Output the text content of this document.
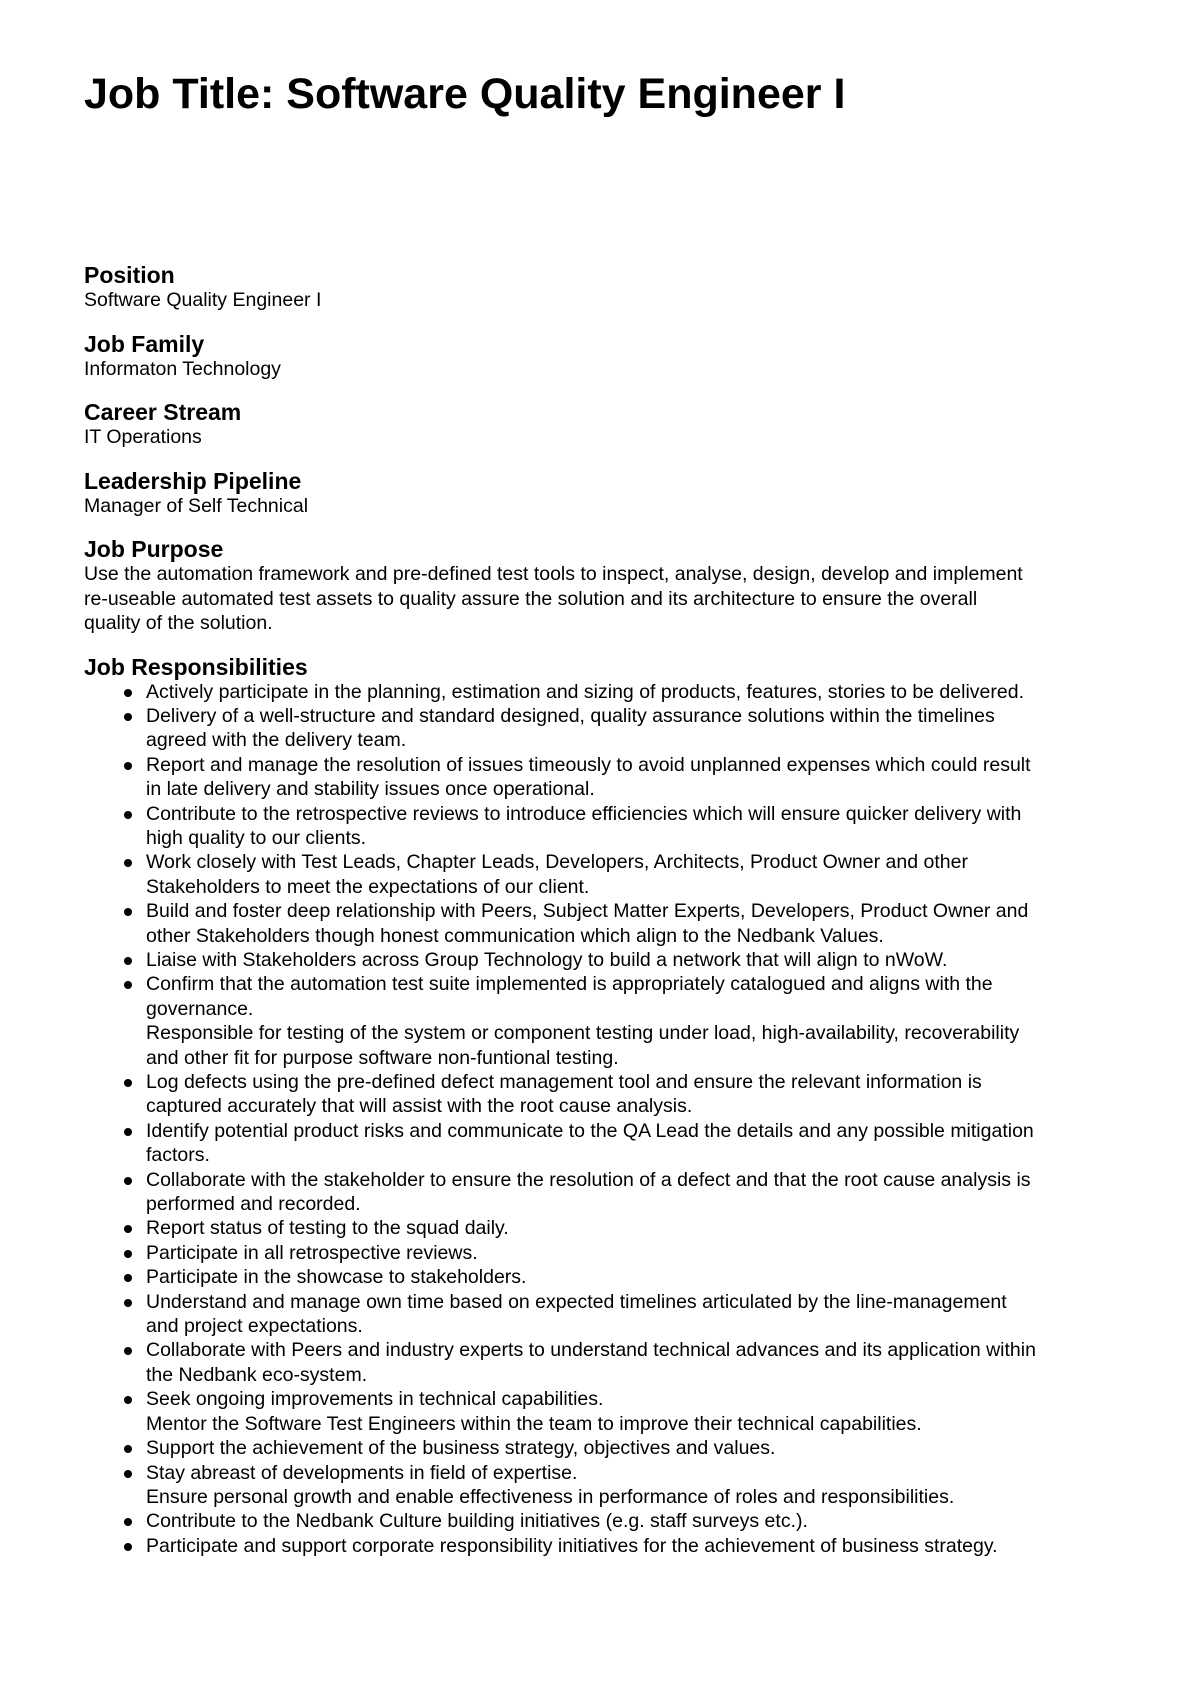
Job Title: Software Quality Engineer I
Position

Software Quality Engineer I

Job Family

Informaton Technology

Career Stream

IT Operations

Leadership Pipeline

Manager of Self Technical

Job Purpose

Use the automation framework and pre-defined test tools to inspect, analyse, design, develop and implement
re-useable automated test assets to quality assure the solution and its architecture to ensure the overall
quality of the solution.

Job Responsibilities
Actively participate in the planning, estimation and sizing of products, features, stories to be delivered.
Delivery of a well-structure and standard designed, quality assurance solutions within the timelines
agreed with the delivery team.
Report and manage the resolution of issues timeously to avoid unplanned expenses which could result
in late delivery and stability issues once operational.
Contribute to the retrospective reviews to introduce efficiencies which will ensure quicker delivery with
high quality to our clients.
Work closely with Test Leads, Chapter Leads, Developers, Architects, Product Owner and other
Stakeholders to meet the expectations of our client.
Build and foster deep relationship with Peers, Subject Matter Experts, Developers, Product Owner and
other Stakeholders though honest communication which align to the Nedbank Values.
Liaise with Stakeholders across Group Technology to build a network that will align to nWoW.
Confirm that the automation test suite implemented is appropriately catalogued and aligns with the
governance.
Responsible for testing of the system or component testing under load, high-availability, recoverability
and other fit for purpose software non-funtional testing.
Log defects using the pre-defined defect management tool and ensure the relevant information is
captured accurately that will assist with the root cause analysis.
Identify potential product risks and communicate to the QA Lead the details and any possible mitigation
factors.
Collaborate with the stakeholder to ensure the resolution of a defect and that the root cause analysis is
performed and recorded.
Report status of testing to the squad daily.
Participate in all retrospective reviews.
Participate in the showcase to stakeholders.
Understand and manage own time based on expected timelines articulated by the line-management
and project expectations.
Collaborate with Peers and industry experts to understand technical advances and its application within
the Nedbank eco-system.
Seek ongoing improvements in technical capabilities.
Mentor the Software Test Engineers within the team to improve their technical capabilities.
Support the achievement of the business strategy, objectives and values.
Stay abreast of developments in field of expertise.
Ensure personal growth and enable effectiveness in performance of roles and responsibilities.
Contribute to the Nedbank Culture building initiatives (e.g. staff surveys etc.).
Participate and support corporate responsibility initiatives for the achievement of business strategy.
